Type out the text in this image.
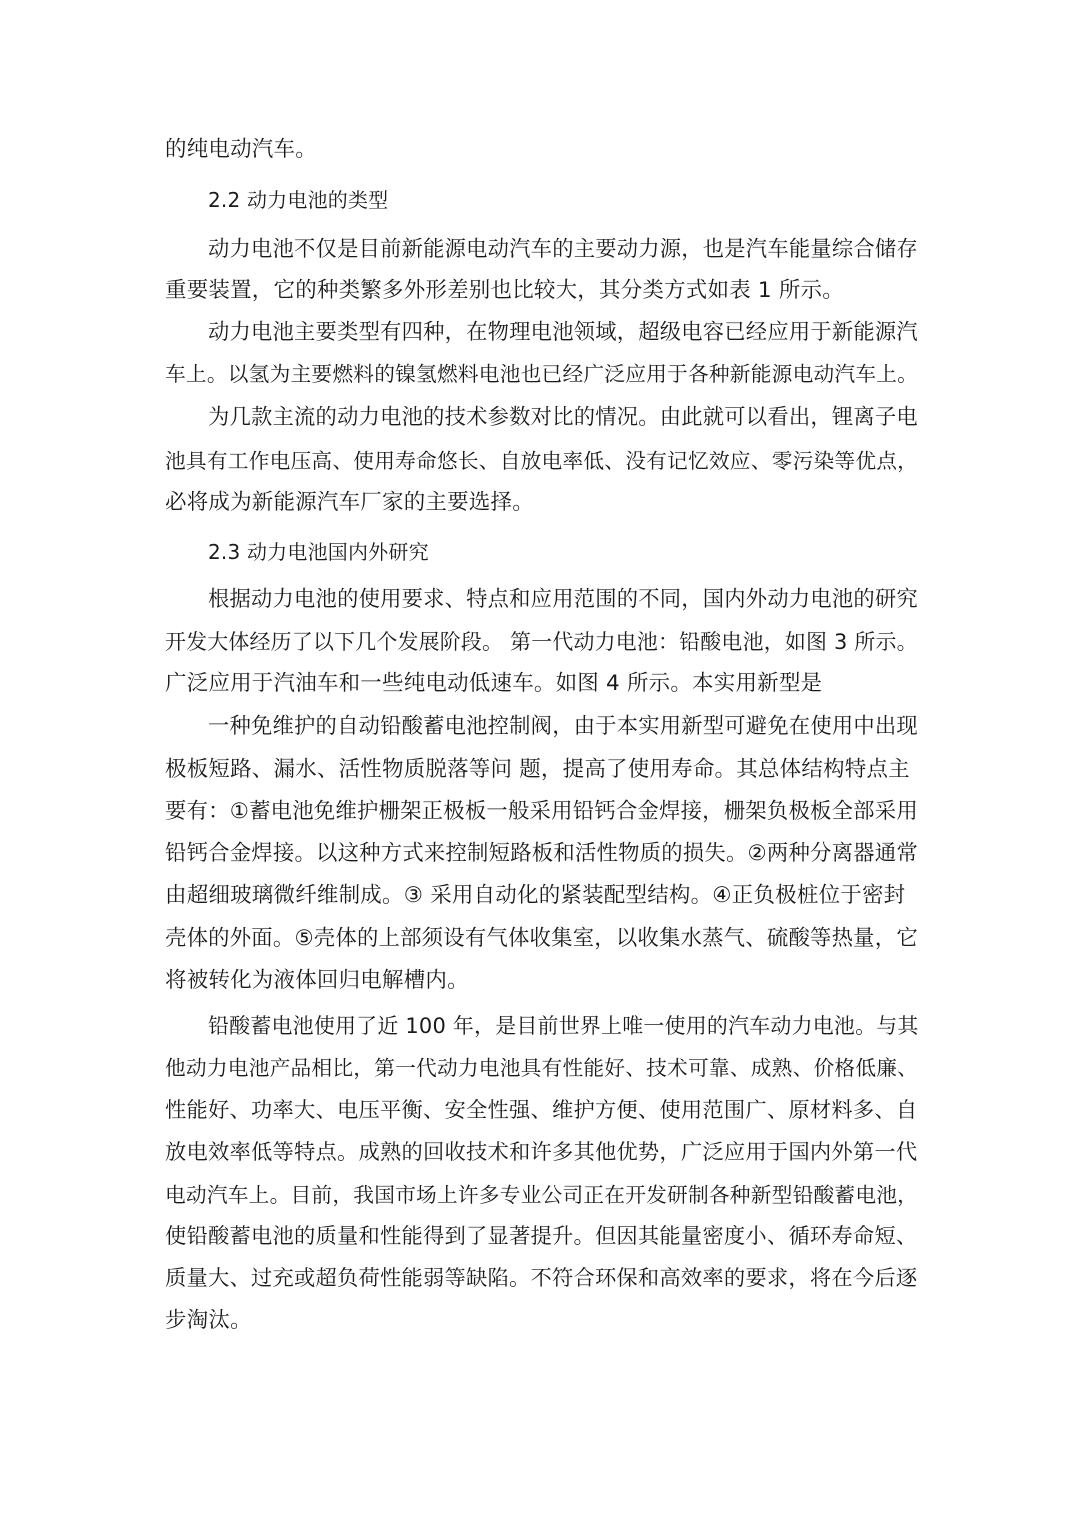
的纯电动汽车。

2.2 动力电池的类型

动力电池不仅是目前新能源电动汽车的主要动力源，也是汽车能量综合储存

重要装置，它的种类繁多外形差别也比较大，其分类方式如表 1 所示。

动力电池主要类型有四种，在物理电池领域，超级电容已经应用于新能源汽

车上。以氢为主要燃料的镍氢燃料电池也已经广泛应用于各种新能源电动汽车上。

为几款主流的动力电池的技术参数对比的情况。由此就可以看出，锂离子电

池具有工作电压高、使用寿命悠长、自放电率低、没有记忆效应、零污染等优点，

必将成为新能源汽车厂家的主要选择。

2.3 动力电池国内外研究

根据动力电池的使用要求、特点和应用范围的不同，国内外动力电池的研究

开发大体经历了以下几个发展阶段。 第一代动力电池：铅酸电池，如图 3 所示。

广泛应用于汽油车和一些纯电动低速车。如图 4 所示。本实用新型是

一种免维护的自动铅酸蓄电池控制阀，由于本实用新型可避免在使用中出现

极板短路、漏水、活性物质脱落等问 题，提高了使用寿命。其总体结构特点主

要有：①蓄电池免维护栅架正极板一般采用铅钙合金焊接，栅架负极板全部采用

铅钙合金焊接。以这种方式来控制短路板和活性物质的损失。②两种分离器通常

由超细玻璃微纤维制成。③ 采用自动化的紧装配型结构。④正负极桩位于密封

壳体的外面。⑤壳体的上部须设有气体收集室，以收集水蒸气、硫酸等热量，它

将被转化为液体回归电解槽内。

铅酸蓄电池使用了近 100 年，是目前世界上唯一使用的汽车动力电池。与其

他动力电池产品相比，第一代动力电池具有性能好、技术可靠、成熟、价格低廉、

性能好、功率大、电压平衡、安全性强、维护方便、使用范围广、原材料多、自

放电效率低等特点。成熟的回收技术和许多其他优势，广泛应用于国内外第一代

电动汽车上。目前，我国市场上许多专业公司正在开发研制各种新型铅酸蓄电池，

使铅酸蓄电池的质量和性能得到了显著提升。但因其能量密度小、循环寿命短、

质量大、过充或超负荷性能弱等缺陷。不符合环保和高效率的要求，将在今后逐

步淘汰。
